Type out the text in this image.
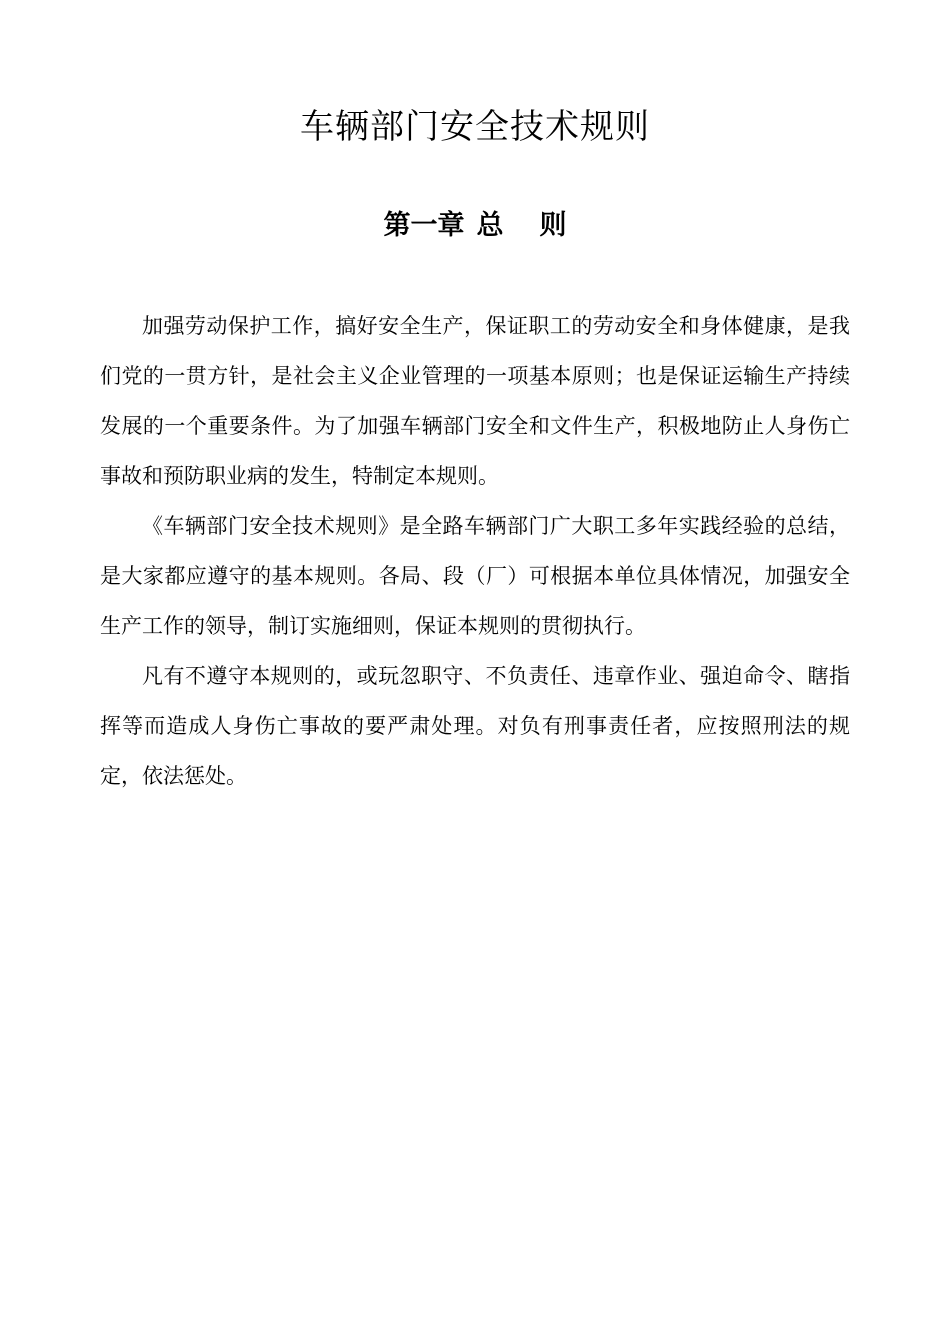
车辆部门安全技术规则
第一章 总 则

加强劳动保护工作，搞好安全生产，保证职工的劳动安全和身体健康，是我们党的一贯方针，是社会主义企业管理的一项基本原则；也是保证运输生产持续发展的一个重要条件。为了加强车辆部门安全和文件生产，积极地防止人身伤亡事故和预防职业病的发生，特制定本规则。

《车辆部门安全技术规则》是全路车辆部门广大职工多年实践经验的总结，是大家都应遵守的基本规则。各局、段（厂）可根据本单位具体情况，加强安全生产工作的领导，制订实施细则，保证本规则的贯彻执行。

凡有不遵守本规则的，或玩忽职守、不负责任、违章作业、强迫命令、瞎指挥等而造成人身伤亡事故的要严肃处理。对负有刑事责任者，应按照刑法的规定，依法惩处。
